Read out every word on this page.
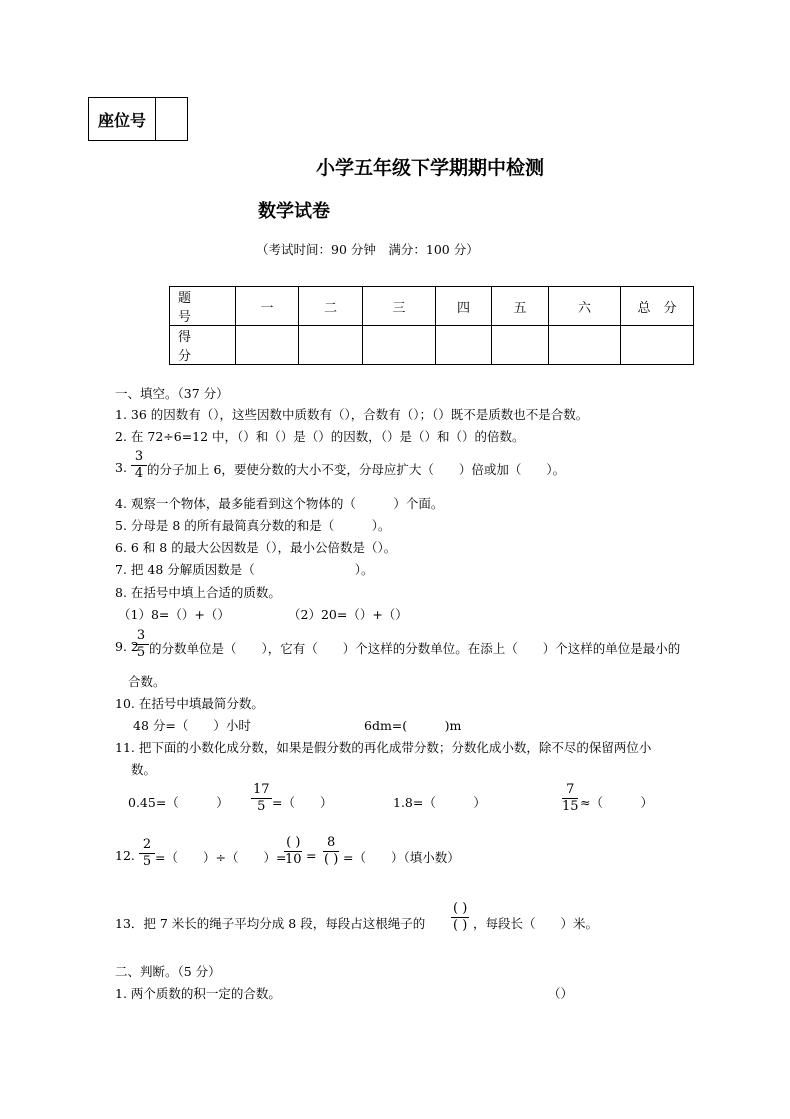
座位号
小学五年级下学期期中检测
数学试卷
（考试时间：90 分钟　满分：100 分）
题　号	一	二	三	四	五	六	总　分
得　分							
一、填空。（37 分）
1. 36 的因数有（），这些因数中质数有（），合数有（）；（）既不是质数也不是合数。
2. 在 72÷6=12 中，（）和（）是（）的因数，（）是（）和（）的倍数。
3. $\frac{3}{4}$ 的分子加上 6，要使分数的大小不变，分母应扩大（　　）倍或加（　　）。
4. 观察一个物体，最多能看到这个物体的（　　　）个面。
5. 分母是 8 的所有最简真分数的和是（　　　）。
6. 6 和 8 的最大公因数是（），最小公倍数是（）。
7. 把 48 分解质因数是（　　　　　　　　）。
8. 在括号中填上合适的质数。
（1）8=（）+（）	（2）20=（）+（）
9. 2
$\frac{3}{5}$ 的分数单位是（　　），它有（　　）个这样的分数单位。在添上（　　）个这样的单位是最小的
合数。
10. 在括号中填最简分数。
48 分=（　　）小时	6dm=(　　　)m
11. 把下面的小数化成分数，如果是假分数的再化成带分数；分数化成小数，除不尽的保留两位小
数。
0.45=（　　　） $\frac{17}{5}$ =（　　）	1.8=（　　　）	$\frac{7}{15}$ ≈（　　　）
12. $\frac{2}{5}$ =（　　）÷（　　）=
( )
10 =
8
( ) =（　　）（填小数）
13．把 7 米长的绳子平均分成 8 段，每段占这根绳子的
( )
( ) ，每段长（　　）米。
二、判断。（5 分）
1. 两个质数的积一定的合数。	（）
